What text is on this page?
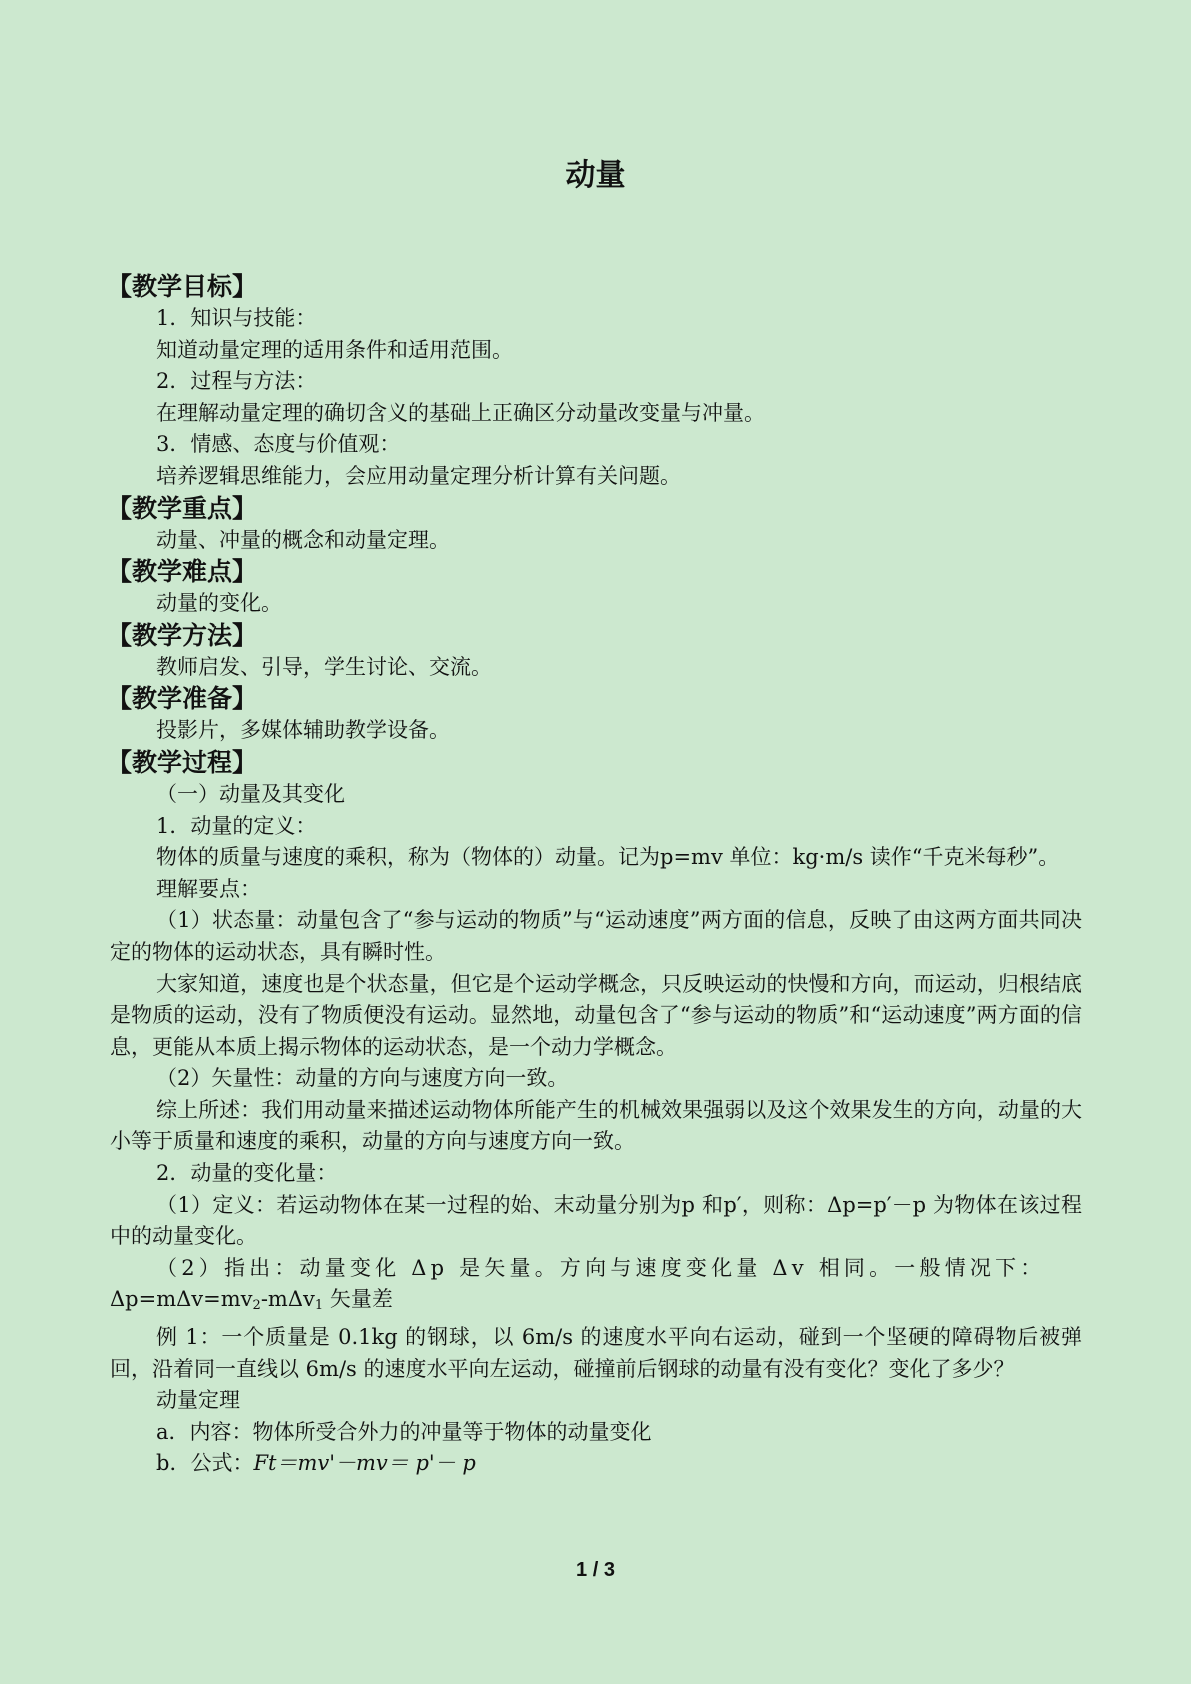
动量
【教学目标】

1．知识与技能：

知道动量定理的适用条件和适用范围。

2．过程与方法：

在理解动量定理的确切含义的基础上正确区分动量改变量与冲量。

3．情感、态度与价值观：

培养逻辑思维能力，会应用动量定理分析计算有关问题。

【教学重点】

动量、冲量的概念和动量定理。

【教学难点】

动量的变化。

【教学方法】

教师启发、引导，学生讨论、交流。

【教学准备】

投影片，多媒体辅助教学设备。

【教学过程】

（一）动量及其变化

1．动量的定义：

物体的质量与速度的乘积，称为（物体的）动量。记为p=mv 单位：kg·m/s 读作“千克米每秒”。

理解要点：

（1）状态量：动量包含了“参与运动的物质”与“运动速度”两方面的信息，反映了由这两方面共同决定的物体的运动状态，具有瞬时性。

大家知道，速度也是个状态量，但它是个运动学概念，只反映运动的快慢和方向，而运动，归根结底是物质的运动，没有了物质便没有运动。显然地，动量包含了“参与运动的物质”和“运动速度”两方面的信息，更能从本质上揭示物体的运动状态，是一个动力学概念。

（2）矢量性：动量的方向与速度方向一致。

综上所述：我们用动量来描述运动物体所能产生的机械效果强弱以及这个效果发生的方向，动量的大小等于质量和速度的乘积，动量的方向与速度方向一致。

2．动量的变化量：

（1）定义：若运动物体在某一过程的始、末动量分别为p 和p′，则称：Δp=p′－p 为物体在该过程中的动量变化。

（2）指出：动量变化 Δp 是矢量。方向与速度变化量 Δv 相同。一般情况下：

$\Delta p=m\Delta v=mv_2-m\Delta v_1$ 矢量差

例 1：一个质量是 0.1kg 的钢球，以 6m/s 的速度水平向右运动，碰到一个坚硬的障碍物后被弹回，沿着同一直线以 6m/s 的速度水平向左运动，碰撞前后钢球的动量有没有变化？变化了多少？

动量定理

a．内容：物体所受合外力的冲量等于物体的动量变化

b．公式：Ft＝mv'－mv＝ p'－ p

1 / 3
